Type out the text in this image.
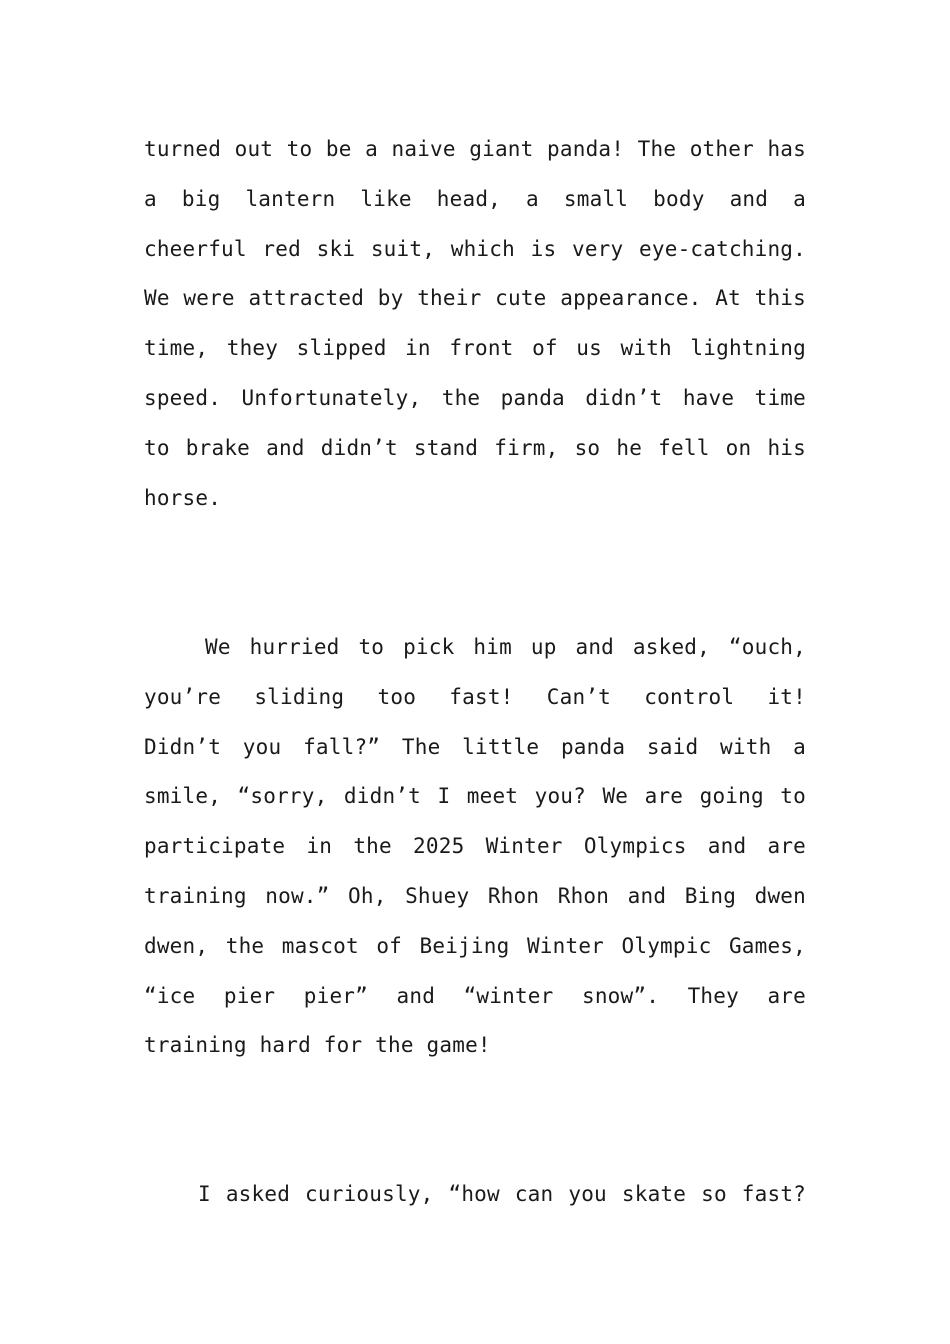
turned out to be a naive giant panda! The other has
a big lantern like head, a small body and a
cheerful red ski suit, which is very eye-catching.
We were attracted by their cute appearance. At this
time, they slipped in front of us with lightning
speed. Unfortunately, the panda didn’t have time
to brake and didn’t stand firm, so he fell on his
horse.
We hurried to pick him up and asked, “ouch,
you’re sliding too fast! Can’t control it!
Didn’t you fall?” The little panda said with a
smile, “sorry, didn’t I meet you? We are going to
participate in the 2025 Winter Olympics and are
training now.” Oh, Shuey Rhon Rhon and Bing dwen
dwen, the mascot of Beijing Winter Olympic Games,
“ice pier pier” and “winter snow”. They are
training hard for the game!
I asked curiously, “how can you skate so fast?
